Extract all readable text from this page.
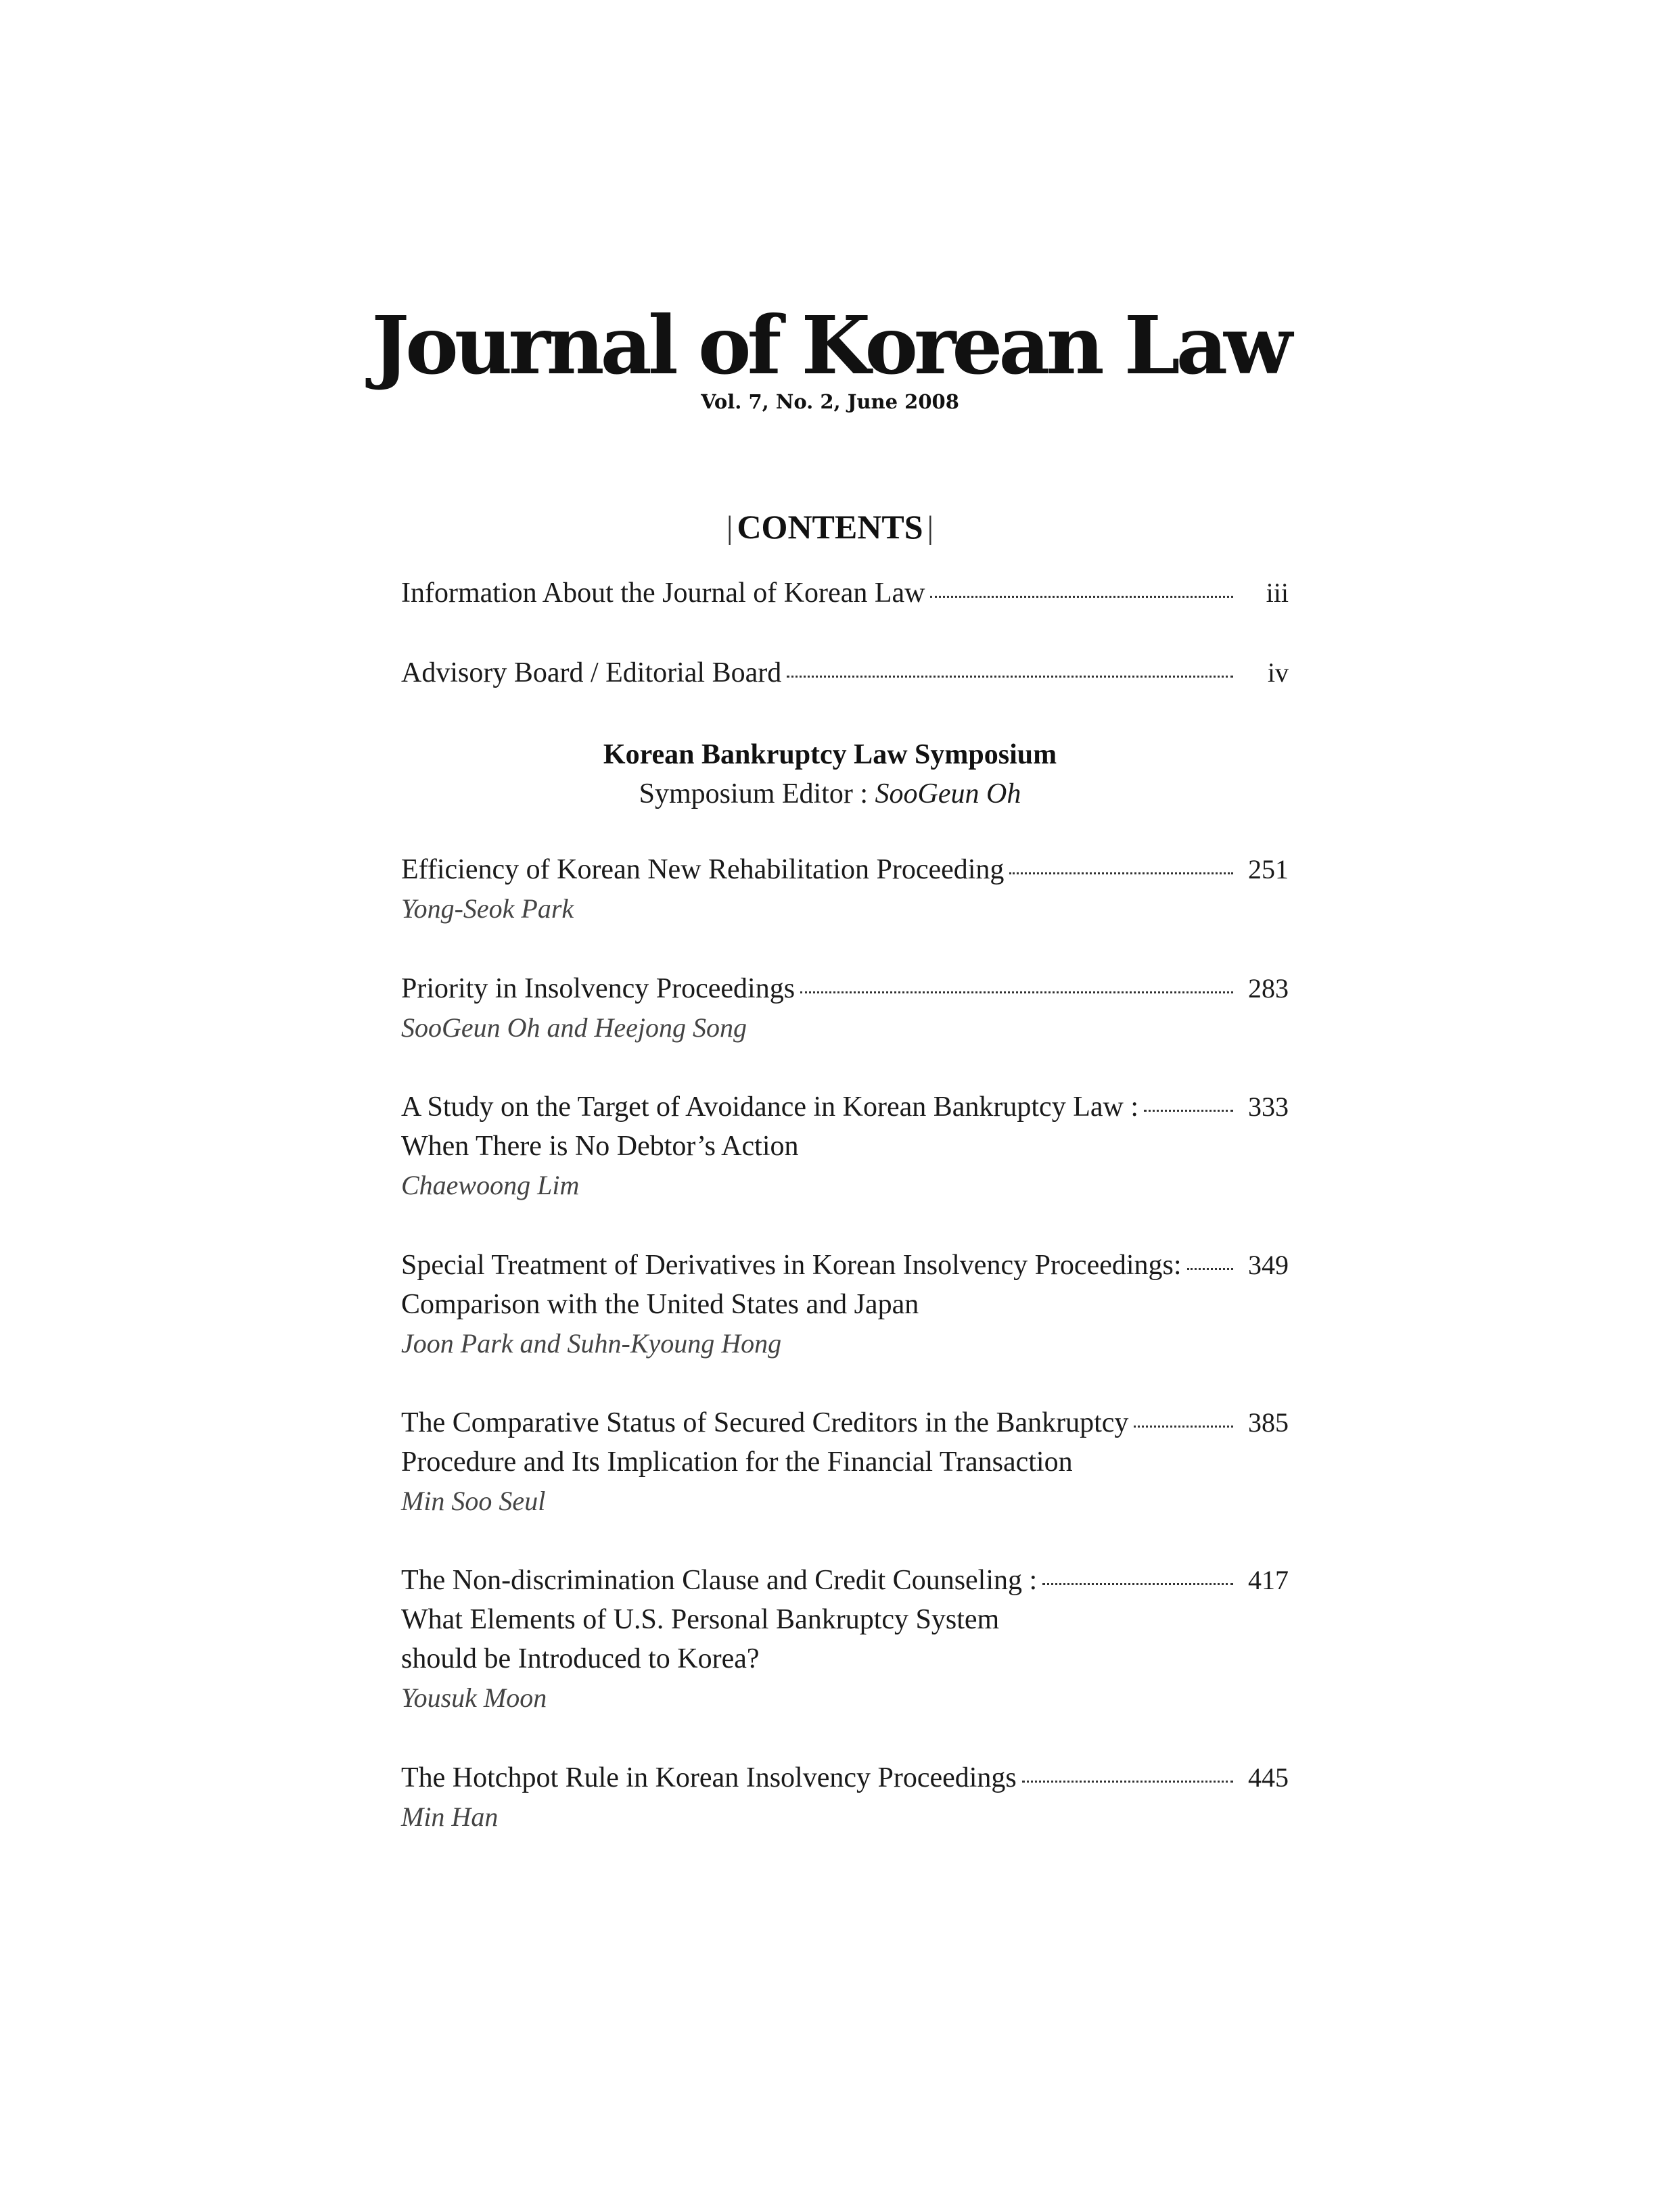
Journal of Korean Law
Vol. 7, No. 2, June 2008
| CONTENTS |
Information About the Journal of Korean Law	iii
Advisory Board / Editorial Board	iv
Efficiency of Korean New Rehabilitation Proceeding	251
Yong-Seok Park
Priority in Insolvency Proceedings	283
SooGeun Oh and Heejong Song
A Study on the Target of Avoidance in Korean Bankruptcy Law :	333
When There is No Debtor’s Action
Chaewoong Lim
Special Treatment of Derivatives in Korean Insolvency Proceedings: 349
Comparison with the United States and Japan
Joon Park and Suhn-Kyoung Hong
The Comparative Status of Secured Creditors in the Bankruptcy	385
Procedure and Its Implication for the Financial Transaction
Min Soo Seul
The Non-discrimination Clause and Credit Counseling :	417
What Elements of U.S. Personal Bankruptcy System
should be Introduced to Korea?
Yousuk Moon
The Hotchpot Rule in Korean Insolvency Proceedings	445
Min Han
Korean Bankruptcy Law Symposium
Symposium Editor : SooGeun Oh
